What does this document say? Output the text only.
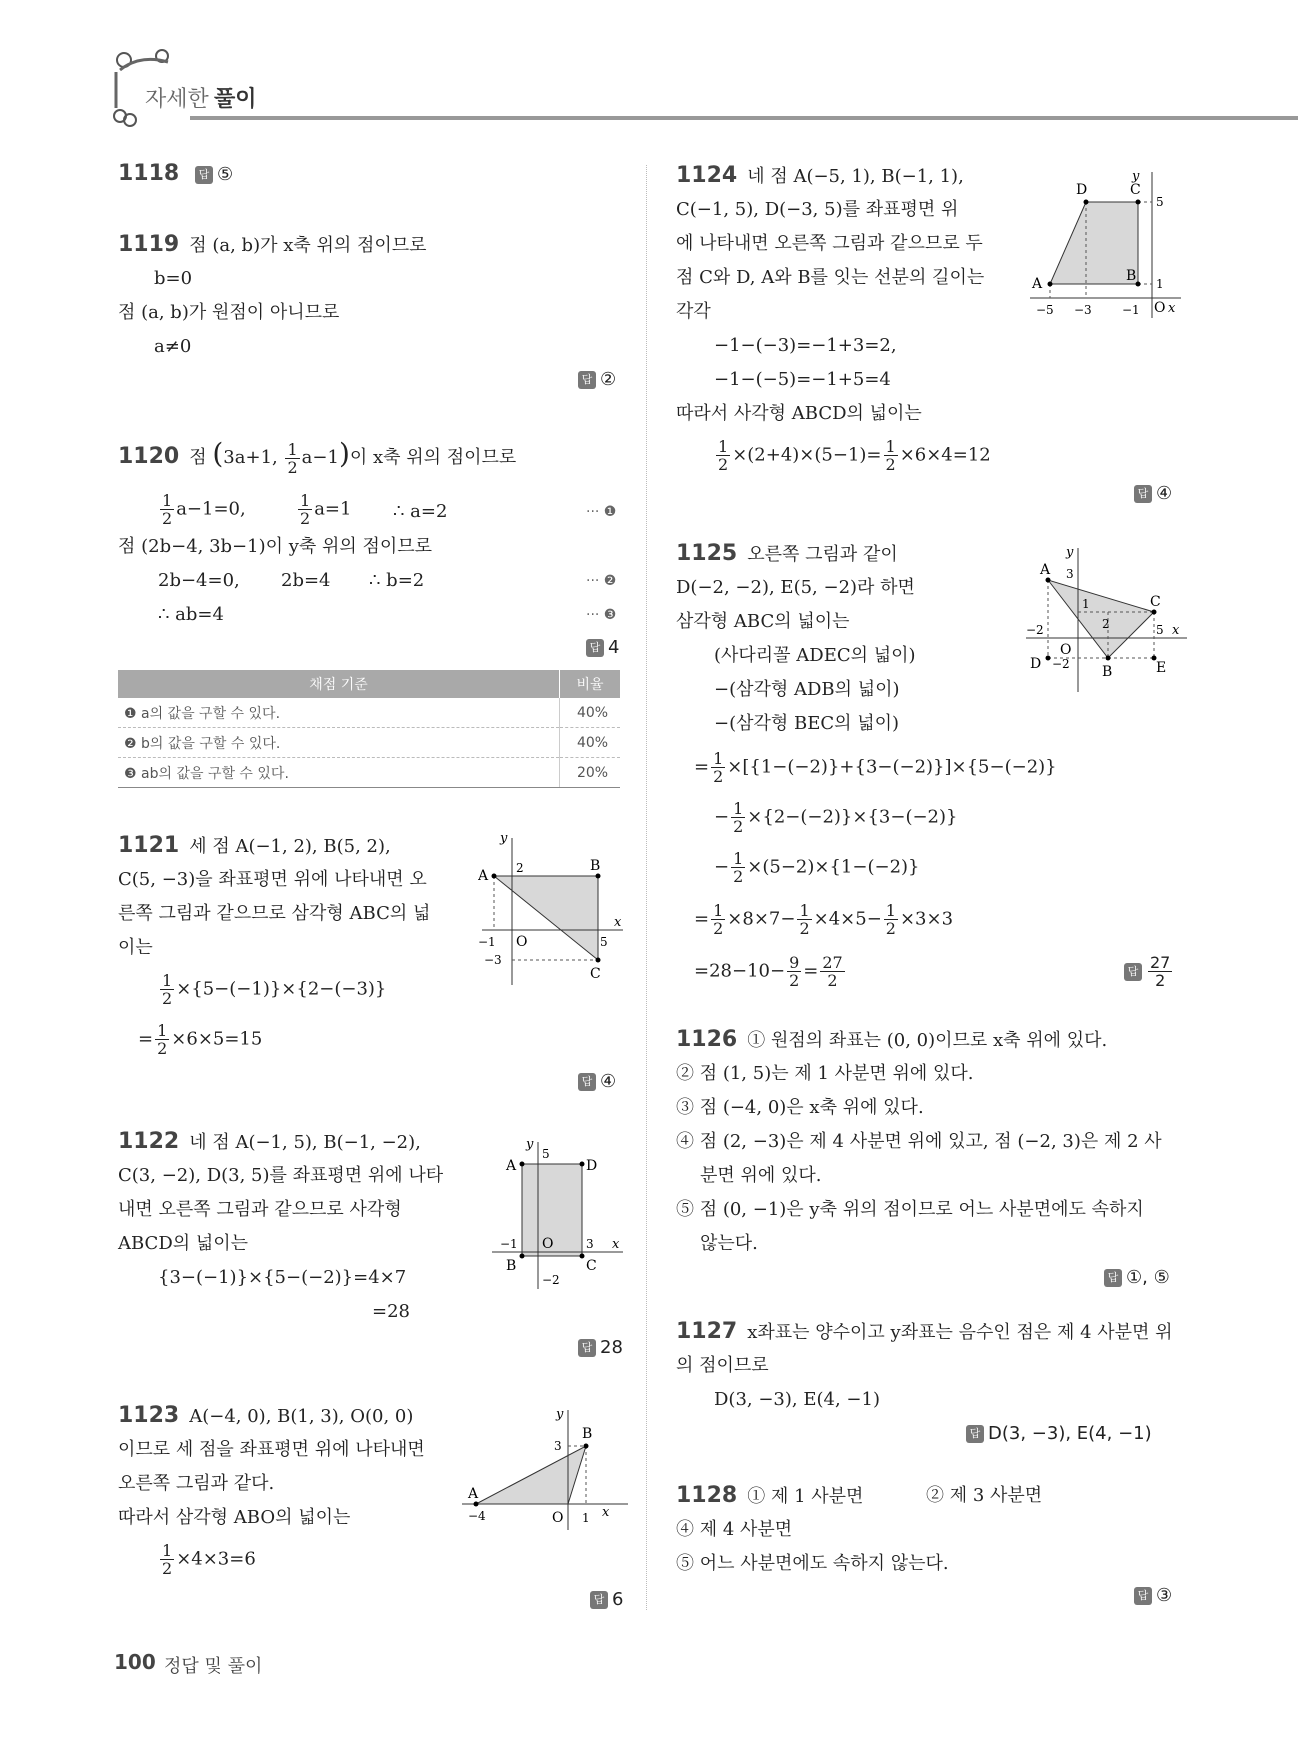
자세한 풀이
1118 답 ⑤
1119 점 (a, b)가 x축 위의 점이므로
b=0
점 (a, b)가 원점이 아니므로
a≠0
답 ②
1120 점 (3a+1, $\frac{1}{2} a-1$)이 x축 위의 점이므로
$\frac{1}{2} a-1=0$,	$\frac{1}{2} a=1$ ∴ a=2	··· ❶
점 (2b−4, 3b−1)이 y축 위의 점이므로
2b−4=0, 2b=4 ∴ b=2	··· ❷
∴ ab=4	··· ❸
답 4
채점 기준	비율
❶ a의 값을 구할 수 있다.	40%
❷ b의 값을 구할 수 있다.	40%
❸ ab의 값을 구할 수 있다.	20%
1121 세 점 A(−1, 2), B(5, 2),
C(5, −3)을 좌표평면 위에 나타내면 오
른쪽 그림과 같으므로 삼각형 ABC의 넓
이는
$\frac{1}{2} \times\{5-(-1)\}\times\{2-(-3)\}$
= $\frac{1}{2} \times 6\times 5=15$
답 ④
y
x
A
B
C
O
2
−1	5
−3
1122 네 점 A(−1, 5), B(−1, −2),
C(3, −2), D(3, 5)를 좌표평면 위에 나타
내면 오른쪽 그림과 같으므로 사각형
ABCD의 넓이는
{3−(−1)}×{5−(−2)}=4×7
=28
답 28
y
x
A	D
B	C
O
5
−1	3
−2
1123 A(−4, 0), B(1, 3), O(0, 0)
이므로 세 점을 좌표평면 위에 나타내면
오른쪽 그림과 같다.
따라서 삼각형 ABO의 넓이는
$\frac{1}{2} \times 4\times 3=6$
답 6
y
x
A
B
O
3
−4	1
1124 네 점 A(−5, 1), B(−1, 1),
C(−1, 5), D(−3, 5)를 좌표평면 위
에 나타내면 오른쪽 그림과 같으므로 두
점 C와 D, A와 B를 잇는 선분의 길이는
각각
−1−(−3)=−1+3=2,
−1−(−5)=−1+5=4
따라서 사각형 ABCD의 넓이는
$\frac{1}{2} \times(2+4)\times(5-1)= \frac{1}{2} \times 6\times 4=12$
답 ④
y
x
A	B
C
D
O
5
1
−5 −3	−1
1125 오른쪽 그림과 같이
D(−2, −2), E(5, −2)라 하면
삼각형 ABC의 넓이는
(사다리꼴 ADEC의 넓이)
−(삼각형 ADB의 넓이)
−(삼각형 BEC의 넓이)
= $\frac{1}{2} \times[\{1-(-2)\}+\{3-(-2)\}]\times\{5-(-2)\}$
− $\frac{1}{2} \times\{2-(-2)\}\times\{3-(-2)\}$
− $\frac{1}{2} \times(5-2)\times\{1-(-2)\}$
= $\frac{1}{2} \times 8\times 7- \frac{1}{2} \times 4\times 5- \frac{1}{2} \times 3\times 3$
$=28-10- \frac{9}{2} = \frac{27}{2}$	답 $\frac{27}{2}$
y
x
A
B
C
D	E
O
3
1
2
−2
−2
5
1126 ① 원점의 좌표는 (0, 0)이므로 x축 위에 있다.
② 점 (1, 5)는 제 1 사분면 위에 있다.
③ 점 (−4, 0)은 x축 위에 있다.
④ 점 (2, −3)은 제 4 사분면 위에 있고, 점 (−2, 3)은 제 2 사
분면 위에 있다.
⑤ 점 (0, −1)은 y축 위의 점이므로 어느 사분면에도 속하지
않는다.
답 ①, ⑤
1127 x좌표는 양수이고 y좌표는 음수인 점은 제 4 사분면 위
의 점이므로
D(3, −3), E(4, −1)
답 D(3, −3), E(4, −1)
1128 ① 제 1 사분면	② 제 3 사분면
④ 제 4 사분면
⑤ 어느 사분면에도 속하지 않는다.
답 ③
100 정답 및 풀이
